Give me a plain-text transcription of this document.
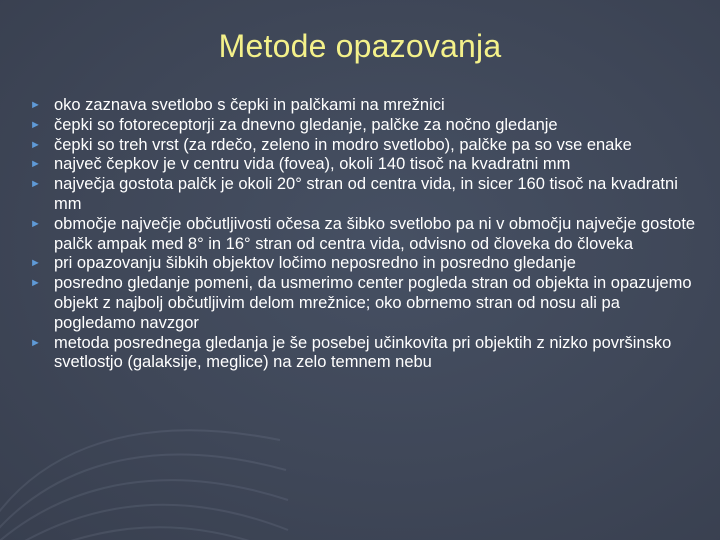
Metode opazovanja
► oko zaznava svetlobo s čepki in palčkami na mrežnici
► čepki so fotoreceptorji za dnevno gledanje, palčke za nočno gledanje
► čepki so treh vrst (za rdečo, zeleno in modro svetlobo), palčke pa so vse enake
► največ čepkov je v centru vida (fovea), okoli 140 tisoč na kvadratni mm
► največja gostota palčk je okoli 20° stran od centra vida, in sicer 160 tisoč na kvadratni mm
► območje največje občutljivosti očesa za šibko svetlobo pa ni v območju največje gostote palčk ampak med 8° in 16° stran od centra vida, odvisno od človeka do človeka
► pri opazovanju šibkih objektov ločimo neposredno in posredno gledanje
► posredno gledanje pomeni, da usmerimo center pogleda stran od objekta in opazujemo objekt z najbolj občutljivim delom mrežnice; oko obrnemo stran od nosu ali pa pogledamo navzgor
► metoda posrednega gledanja je še posebej učinkovita pri objektih z nizko površinsko svetlostjo (galaksije, meglice) na zelo temnem nebu
